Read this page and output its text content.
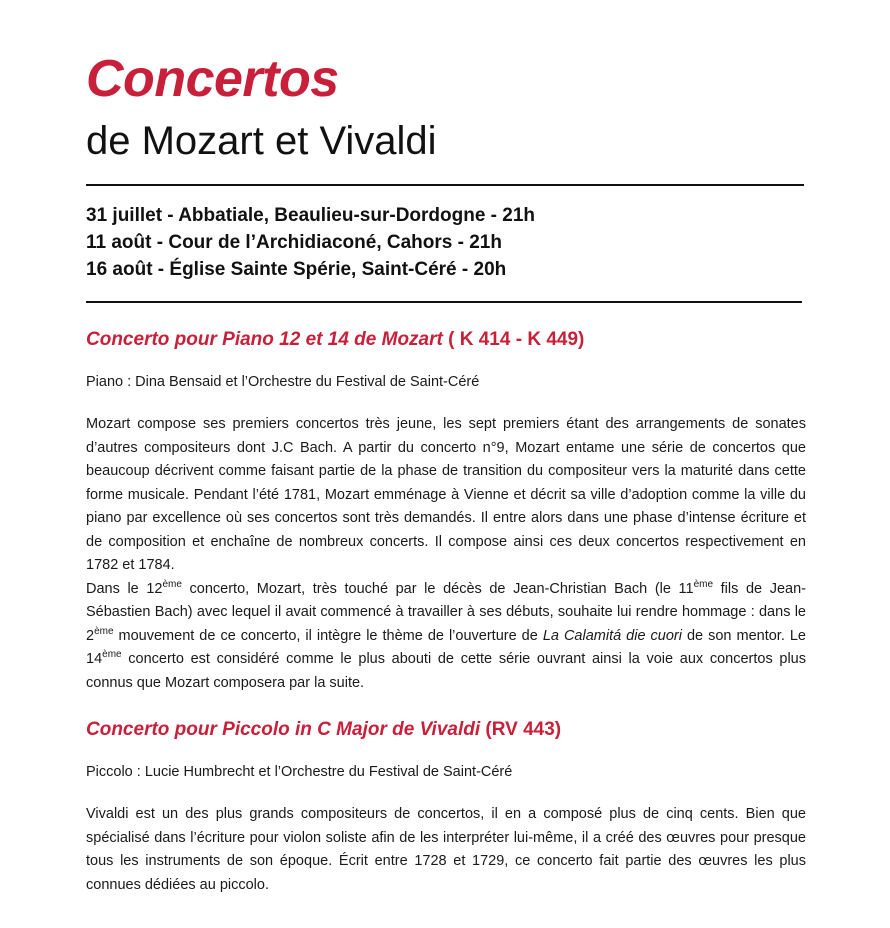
Concertos
de Mozart et Vivaldi
31 juillet - Abbatiale, Beaulieu-sur-Dordogne - 21h
11 août - Cour de l’Archidiaconé, Cahors - 21h
16 août - Église Sainte Spérie, Saint-Céré - 20h
Concerto pour Piano 12 et 14 de Mozart ( K 414 - K 449)

Piano : Dina Bensaid et l’Orchestre du Festival de Saint-Céré

Mozart compose ses premiers concertos très jeune, les sept premiers étant des arrangements de sonates d’autres compositeurs dont J.C Bach. A partir du concerto n°9, Mozart entame une série de concertos que beaucoup décrivent comme faisant partie de la phase de transition du compositeur vers la maturité dans cette forme musicale. Pendant l’été 1781, Mozart emménage à Vienne et décrit sa ville d’adoption comme la ville du piano par excellence où ses concertos sont très demandés. Il entre alors dans une phase d’intense écriture et de composition et enchaîne de nombreux concerts. Il compose ainsi ces deux concertos respectivement en 1782 et 1784.

Dans le 12ème concerto, Mozart, très touché par le décès de Jean-Christian Bach (le 11ème fils de Jean-Sébastien Bach) avec lequel il avait commencé à travailler à ses débuts, souhaite lui rendre hommage : dans le 2ème mouvement de ce concerto, il intègre le thème de l’ouverture de La Calamitá die cuori de son mentor. Le 14ème concerto est considéré comme le plus abouti de cette série ouvrant ainsi la voie aux concertos plus connus que Mozart composera par la suite.

Concerto pour Piccolo in C Major de Vivaldi (RV 443)

Piccolo : Lucie Humbrecht et l’Orchestre du Festival de Saint-Céré

Vivaldi est un des plus grands compositeurs de concertos, il en a composé plus de cinq cents. Bien que spécialisé dans l’écriture pour violon soliste afin de les interpréter lui-même, il a créé des œuvres pour presque tous les instruments de son époque. Écrit entre 1728 et 1729, ce concerto fait partie des œuvres les plus connues dédiées au piccolo.
